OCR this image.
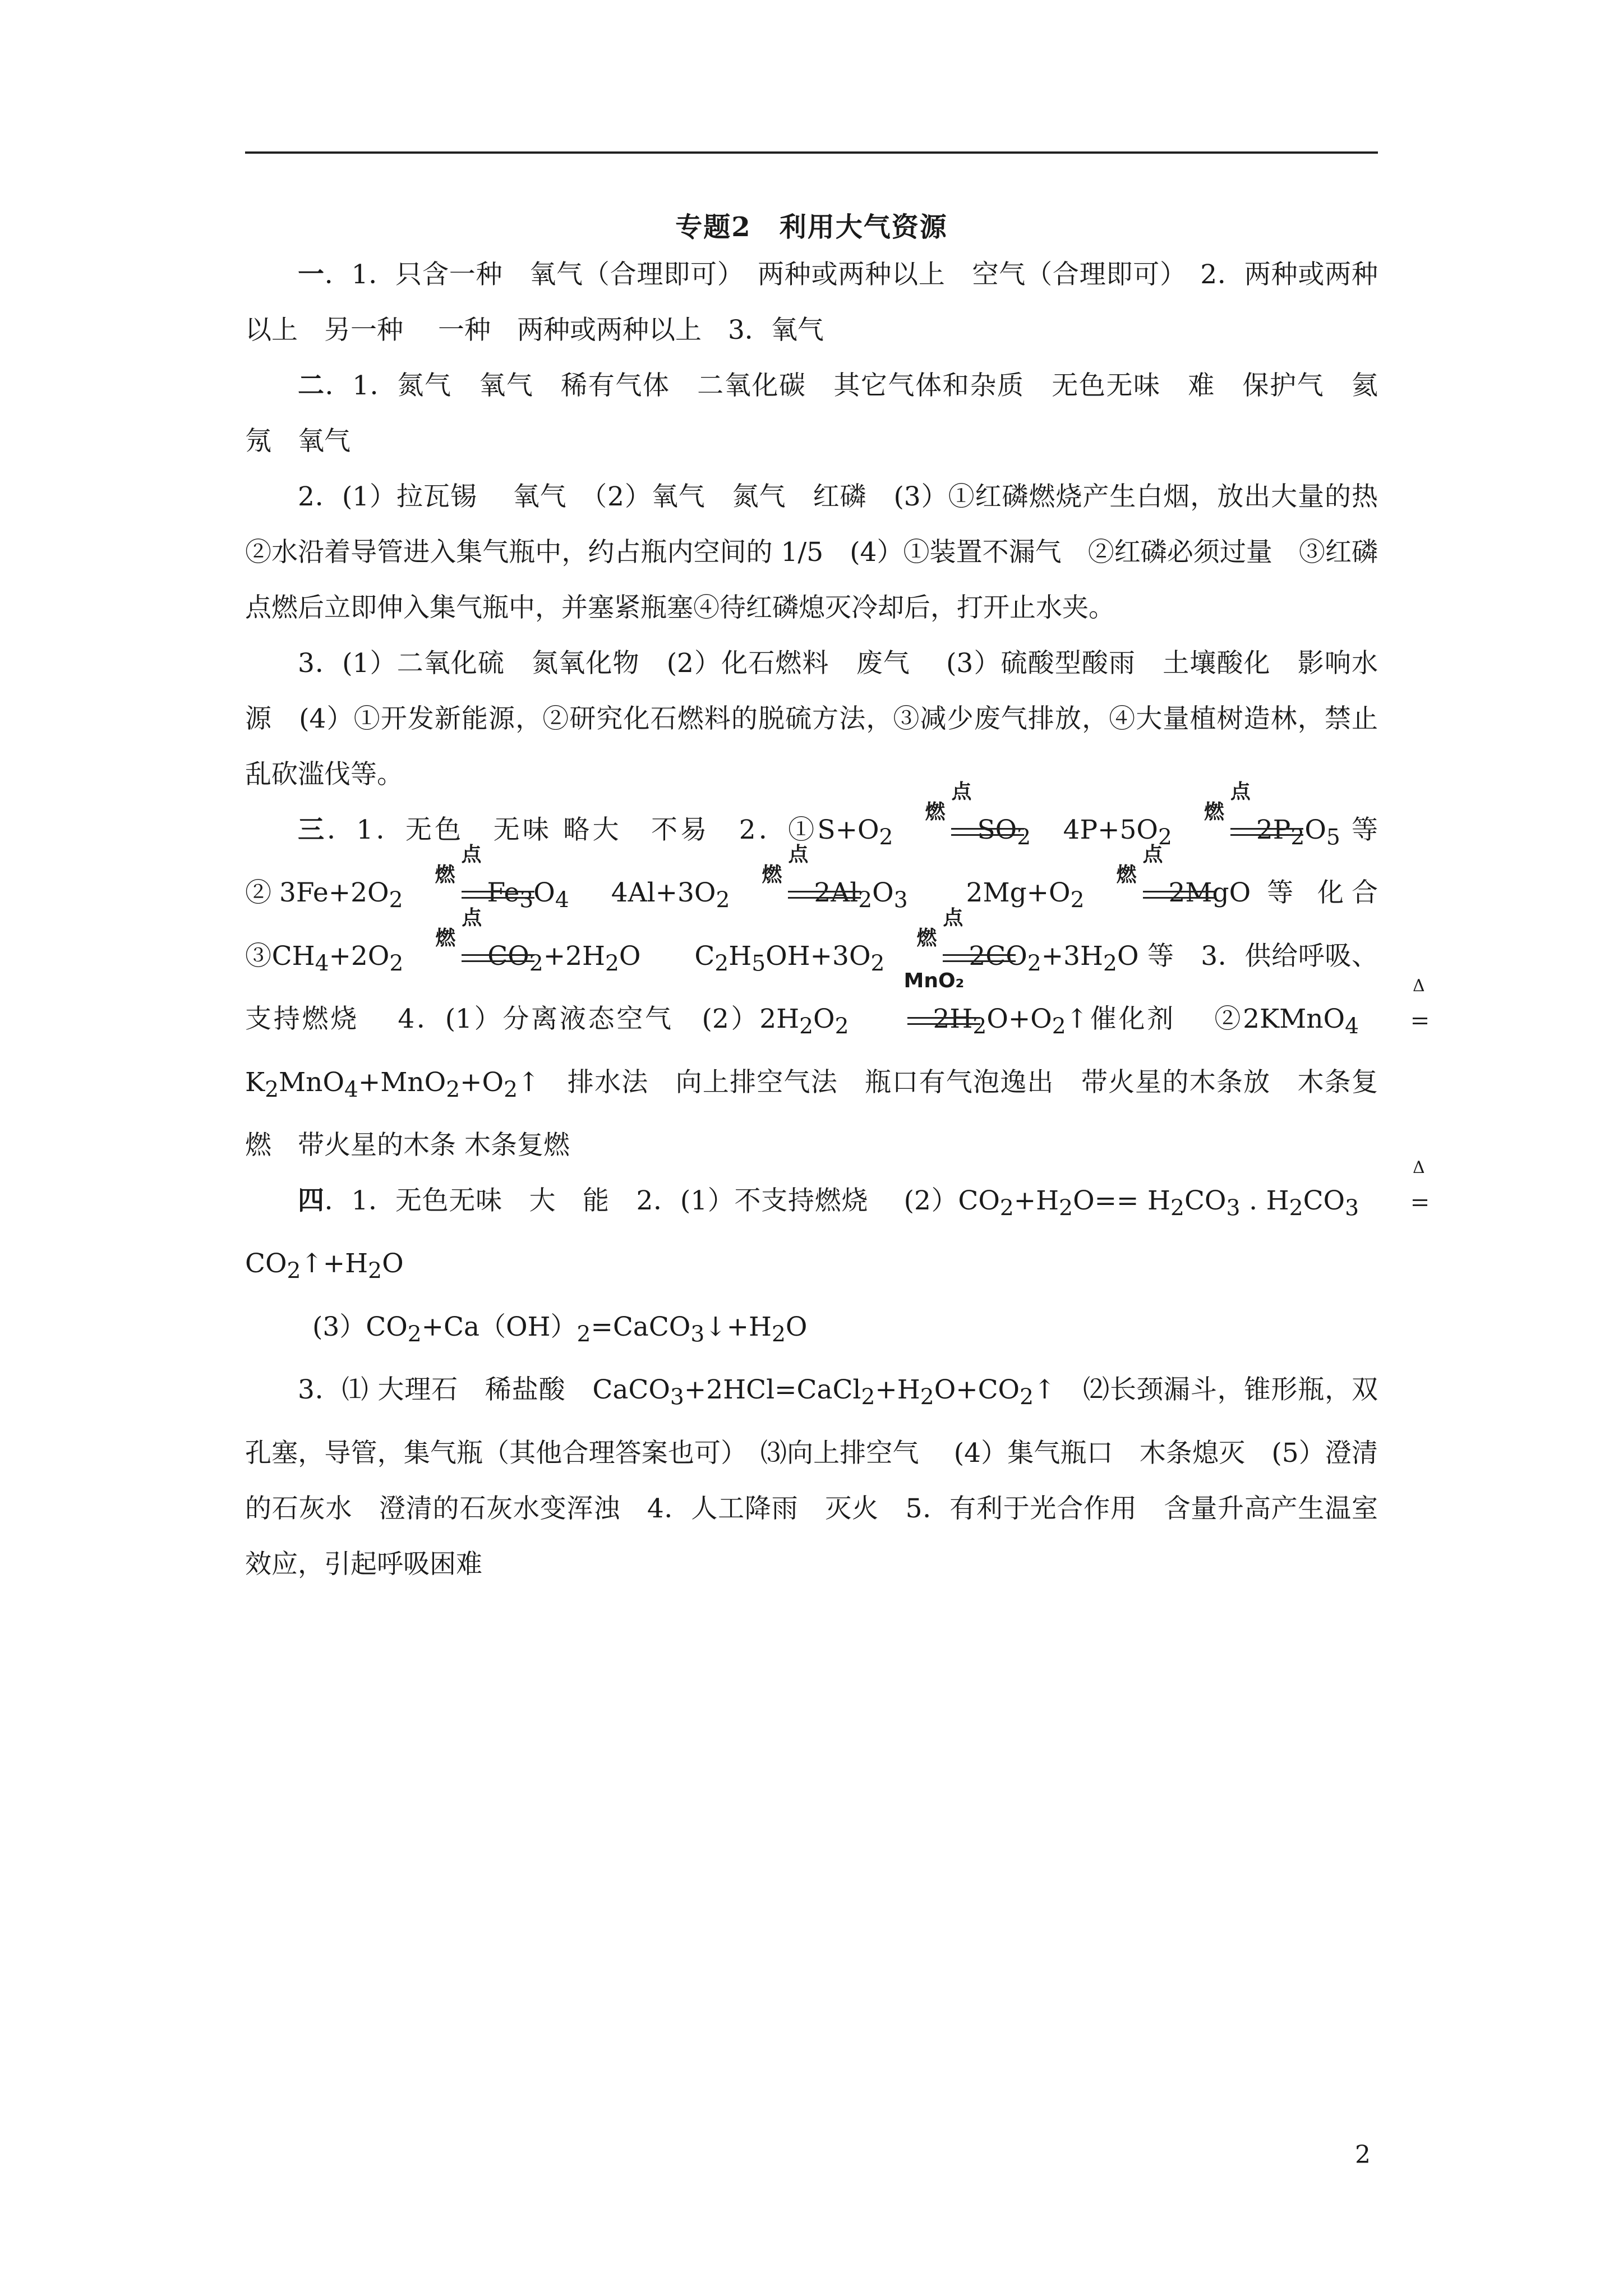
专题2　利用大气资源

一．1．只含一种　氧气（合理即可）　两种或两种以上　空气（合理即可）　2．两种或两种以上　另一种　 一种　两种或两种以上　3．氧气

二．1．氮气　氧气　稀有气体　二氧化碳　其它气体和杂质　无色无味　难　保护气　氦　氖　氧气

2．(1）拉瓦锡　 氧气　（2）氧气　氮气　红磷　(3）①红磷燃烧产生白烟，放出大量的热　②水沿着导管进入集气瓶中，约占瓶内空间的 1/5　(4）①装置不漏气　②红磷必须过量　③红磷点燃后立即伸入集气瓶中，并塞紧瓶塞④待红磷熄灭冷却后，打开止水夹。

3．(1）二氧化硫　氮氧化物　(2）化石燃料　废气　 (3）硫酸型酸雨　土壤酸化　影响水源　(4）①开发新能源，②研究化石燃料的脱硫方法，③减少废气排放，④大量植树造林，禁止乱砍滥伐等。

三．1．无色　无味 略大　不易　2．$①S+O_2$
点燃
$SO_2$　$4P+5O_2$
点燃
$2P_2O_5$ 等 $②3Fe+2O_2$
点燃
$Fe_3O_4$　$4Al+3O_2$
点燃
$2Al_2O_3$　 $2Mg+O_2$
点燃
2MgO 等 化合 $③CH_4+2O_2$
点燃
$CO_2+2H_2O$　　$C_2H_5OH+3O_2$
点燃
$2CO_2+3H_2O$ 等　3．供给呼吸、支持燃烧　 4．(1）分离液态空气　$(2)2H_2O_2$
MnO₂
$2H_2O+O_2↑$催化剂　 ②2KMnO$_4$
Δ
$K_2MnO_4+MnO_2+O_2↑$　排水法　向上排空气法　瓶口有气泡逸出　带火星的木条放　木条复燃　带火星的木条 木条复燃

四．1．无色无味　大　能　2．(1）不支持燃烧　 $(2)CO_2+H_2O== H_2CO_3$ . $H_2CO_3$
Δ
$CO_2↑+H_2O$

$(3)CO_2+Ca(OH)_2=CaCO_3↓+H_2O$

3．⑴ 大理石　稀盐酸　$CaCO_3+2HCl=CaCl_2+H_2O+CO_2↑$　⑵长颈漏斗，锥形瓶，双孔塞，导管，集气瓶（其他合理答案也可）　⑶向上排空气　 (4）集气瓶口　木条熄灭　(5）澄清的石灰水　澄清的石灰水变浑浊　4．人工降雨　灭火　5．有利于光合作用　含量升高产生温室效应，引起呼吸困难

2
